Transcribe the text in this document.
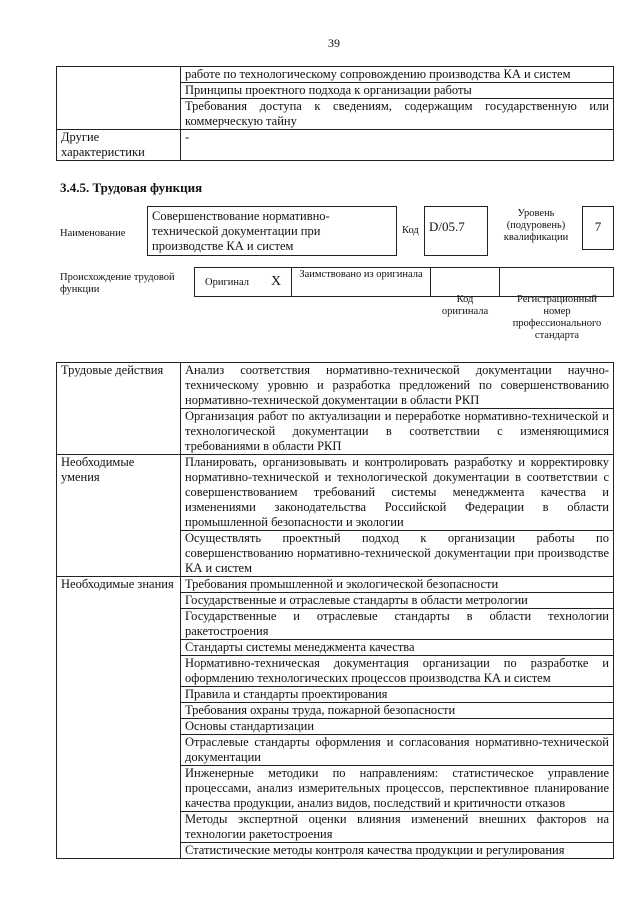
39
	работе по технологическому сопровождению производства КА и систем
	Принципы проектного подхода к организации работы
	Требования доступа к сведениям, содержащим государственную или коммерческую тайну
Другие характеристики	-
3.4.5. Трудовая функция
Наименование
Совершенствование нормативно-технической документации при производстве КА и систем
Код D/05.7
Уровень (подуровень) квалификации
7
Происхождение трудовой функции
Оригинал X	Заимствовано из оригинала
Код оригинала
Регистрационный номер профессионального стандарта
Трудовые действия	Анализ соответствия нормативно-технической документации научно-техническому уровню и разработка предложений по совершенствованию нормативно-технической документации в области РКП
	Организация работ по актуализации и переработке нормативно-технической и технологической документации в соответствии с изменяющимися требованиями в области РКП
Необходимые умения	Планировать, организовывать и контролировать разработку и корректировку нормативно-технической и технологической документации в соответствии с совершенствованием требований системы менеджмента качества и изменениями законодательства Российской Федерации в области промышленной безопасности и экологии
	Осуществлять проектный подход к организации работы по совершенствованию нормативно-технической документации при производстве КА и систем
Необходимые знания	Требования промышленной и экологической безопасности
	Государственные и отраслевые стандарты в области метрологии
	Государственные и отраслевые стандарты в области технологии ракетостроения
	Стандарты системы менеджмента качества
	Нормативно-техническая документация организации по разработке и оформлению технологических процессов производства КА и систем
	Правила и стандарты проектирования
	Требования охраны труда, пожарной безопасности
	Основы стандартизации
	Отраслевые стандарты оформления и согласования нормативно-технической документации
	Инженерные методики по направлениям: статистическое управление процессами, анализ измерительных процессов, перспективное планирование качества продукции, анализ видов, последствий и критичности отказов
	Методы экспертной оценки влияния изменений внешних факторов на технологии ракетостроения
	Статистические методы контроля качества продукции и регулирования
